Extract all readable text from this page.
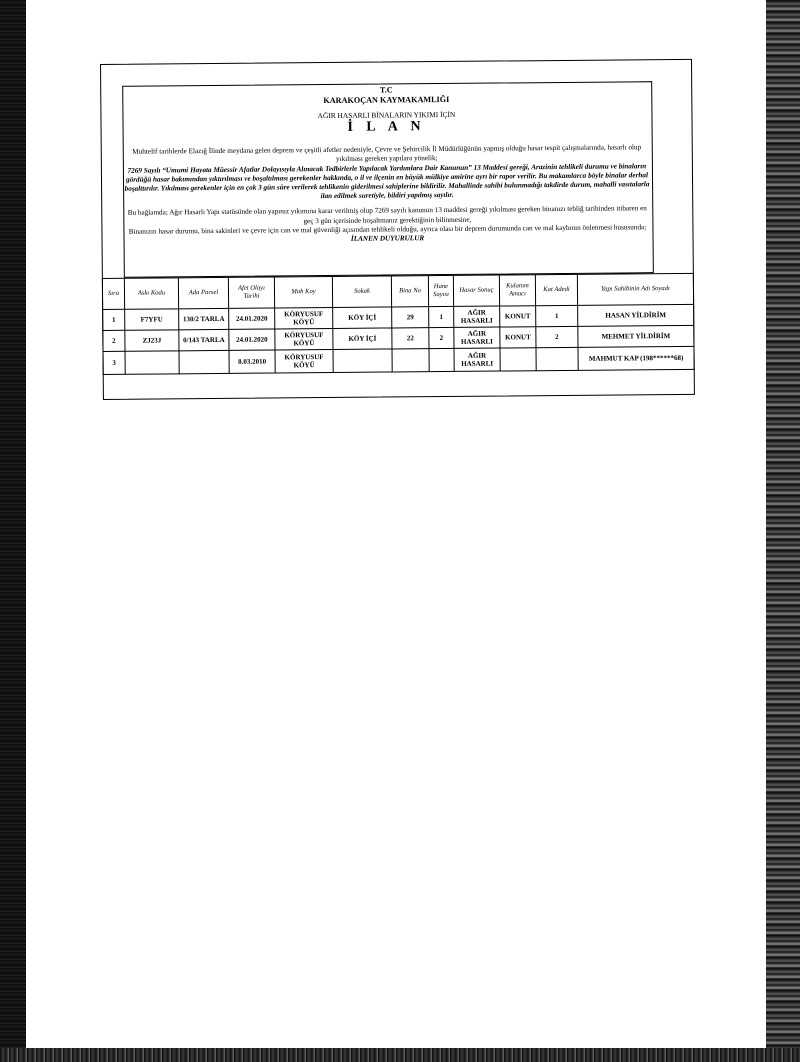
T.C
KARAKOÇAN KAYMAKAMLIĞI
AĞIR HASARLI BİNALARIN YIKIMI İÇİN
İ L A N

Muhtelif tarihlerde Elazığ İlinde meydana gelen deprem ve çeşitli afetler nedeniyle, Çevre ve Şehircilik İl Müdürlüğünün yapmış olduğu hasar tespit çalışmalarında, hasarlı olup yıkılması gereken yapılara yönelik;

7269 Sayılı “Umumi Hayata Müessir Afatlar Dolayısıyla Alınacak Tedbirlerle Yapılacak Yardımlara Dair Kanunun” 13 Maddesi gereği, Arazinin tehlikeli durumu ve binaların gördüğü hasar bakımından yıktırılması ve boşaltılması gerekenler hakkında, o il ve ilçenin en büyük mülkiye amirine ayrı bir rapor verilir. Bu makamlarca böyle binalar derhal boşalttırılır. Yıkılması gerekenler için en çok 3 gün süre verilerek tehlikenin giderilmesi sahiplerine bildirilir. Mahallinde sahibi bulunmadığı takdirde durum, mahalli vasıtalarla ilan edilmek suretiyle, bildiri yapılmış sayılır.

Bu bağlamda; Ağır Hasarlı Yapı statüsünde olan yapınız yıkımına karar verilmiş olup 7269 sayılı kanunun 13 maddesi gereği yıkılması gereken binanızı tebliğ tarihinden itibaren en geç 3 gün içerisinde boşaltmanız gerektiğinin bilinmesine,

Binanızın hasar durumu, bina sakinleri ve çevre için can ve mal güvenliği açısından tehlikeli olduğu, ayrıca olası bir deprem durumunda can ve mal kaybının önlenmesi hususunda;

İLANEN DUYURULUR

Sıra	Askı Kodu	Ada Parsel	Afet Olayı Tarihi	Mah Koy	Sokak	Bina No	Hane Sayısı	Hasar Sonuç	Kulanım Amacı	Kat Adedi	Yapı Sahibinin Adı Soyadı
1	F7YFU	130/2 TARLA	24.01.2020	KÖRYUSUF KÖYÜ	KÖY İÇİ	29	1	AĞIR HASARLI	KONUT	1	HASAN YİLDİRİM
2	ZJ23J	0/143 TARLA	24.01.2020	KÖRYUSUF KÖYÜ	KÖY İÇİ	22	2	AĞIR HASARLI	KONUT	2	MEHMET YİLDİRİM
3			8.03.2010	KÖRYUSUF KÖYÜ				AĞIR HASARLI			MAHMUT KAP (198******68)
